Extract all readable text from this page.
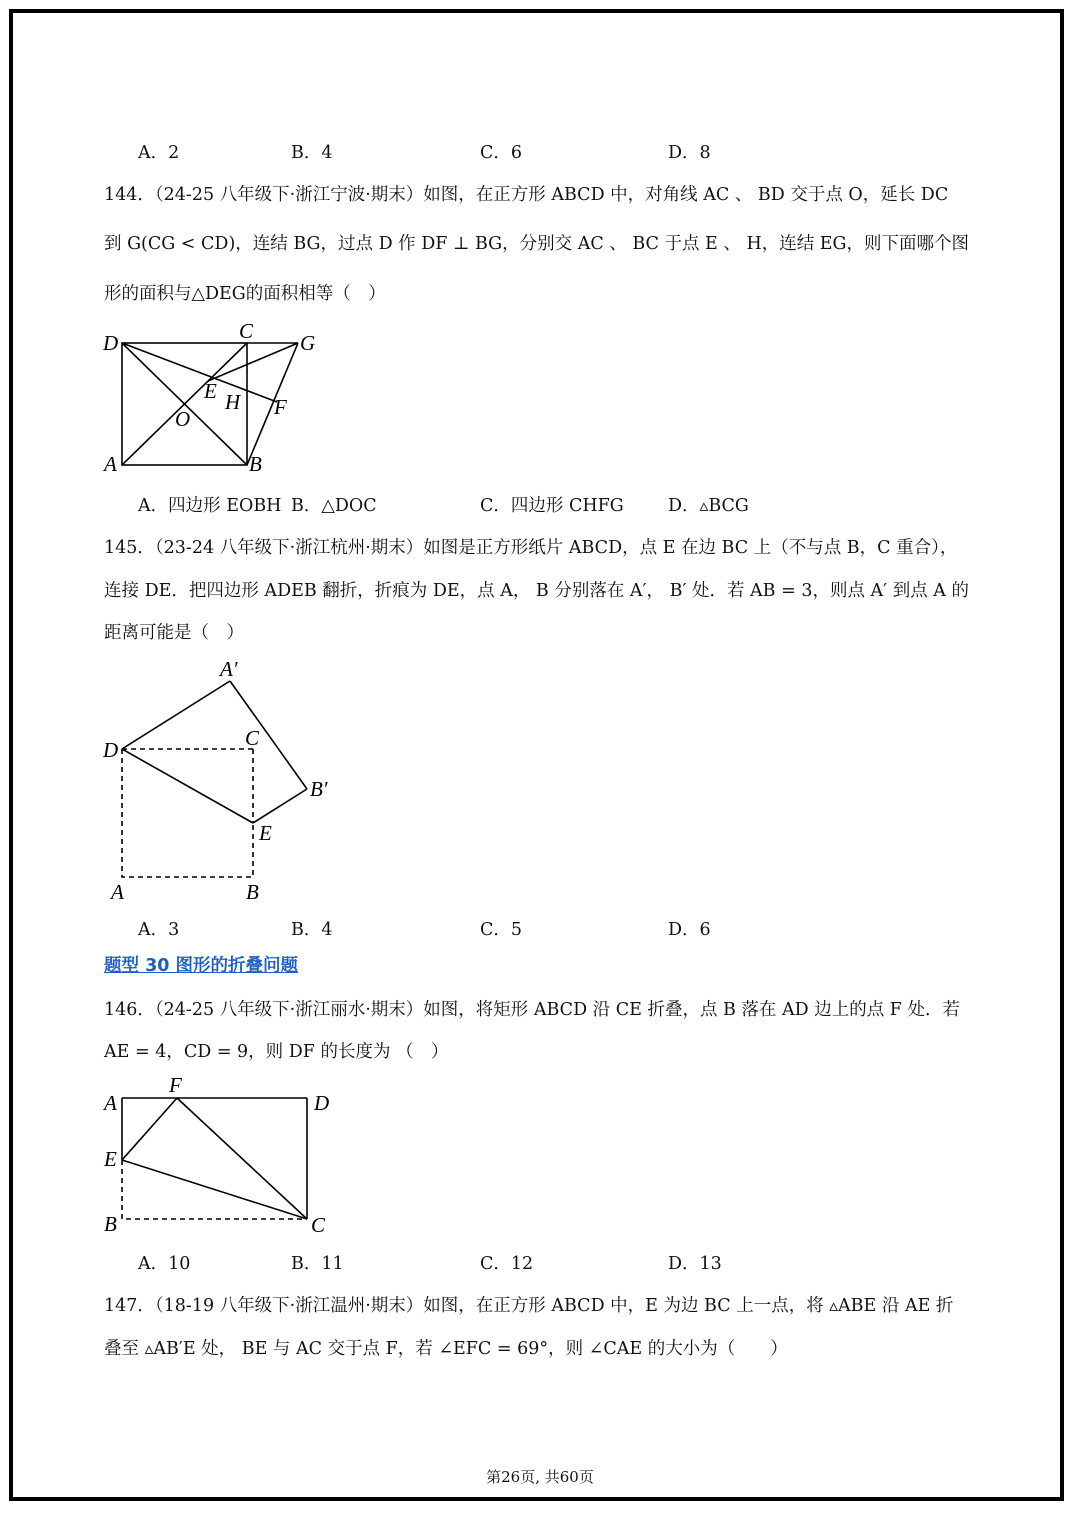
A．2	B．4	C．6	D．8
144．（24-25 八年级下·浙江宁波·期末）如图，在正方形 ABCD 中，对角线 AC 、 BD 交于点 O，延长 DC
到 G(CG < CD)，连结 BG，过点 D 作 DF ⊥ BG，分别交 AC 、 BC 于点 E 、 H，连结 EG，则下面哪个图
形的面积与△DEG的面积相等（　）
D	C G
E H F
O
A	B
A．四边形 EOBH B．△DOC	C．四边形 CHFG	D．▵BCG
145．（23-24 八年级下·浙江杭州·期末）如图是正方形纸片 ABCD，点 E 在边 BC 上（不与点 B，C 重合），
连接 DE．把四边形 ADEB 翻折，折痕为 DE，点 A， B 分别落在 A′， B′ 处．若 AB = 3，则点 A′ 到点 A 的
距离可能是（　）
A′
D	C
B′
E
A	B
A．3	B．4	C．5	D．6
题型 30 图形的折叠问题
146．（24-25 八年级下·浙江丽水·期末）如图，将矩形 ABCD 沿 CE 折叠，点 B 落在 AD 边上的点 F 处．若
AE = 4，CD = 9，则 DF 的长度为 （　）
A
F
D
E
B	C
A．10	B．11	C．12	D．13
147．（18-19 八年级下·浙江温州·期末）如图，在正方形 ABCD 中，E 为边 BC 上一点，将 ▵ABE 沿 AE 折
叠至 ▵AB′E 处， BE 与 AC 交于点 F，若 ∠EFC = 69°，则 ∠CAE 的大小为（　　）
第26页, 共60页
